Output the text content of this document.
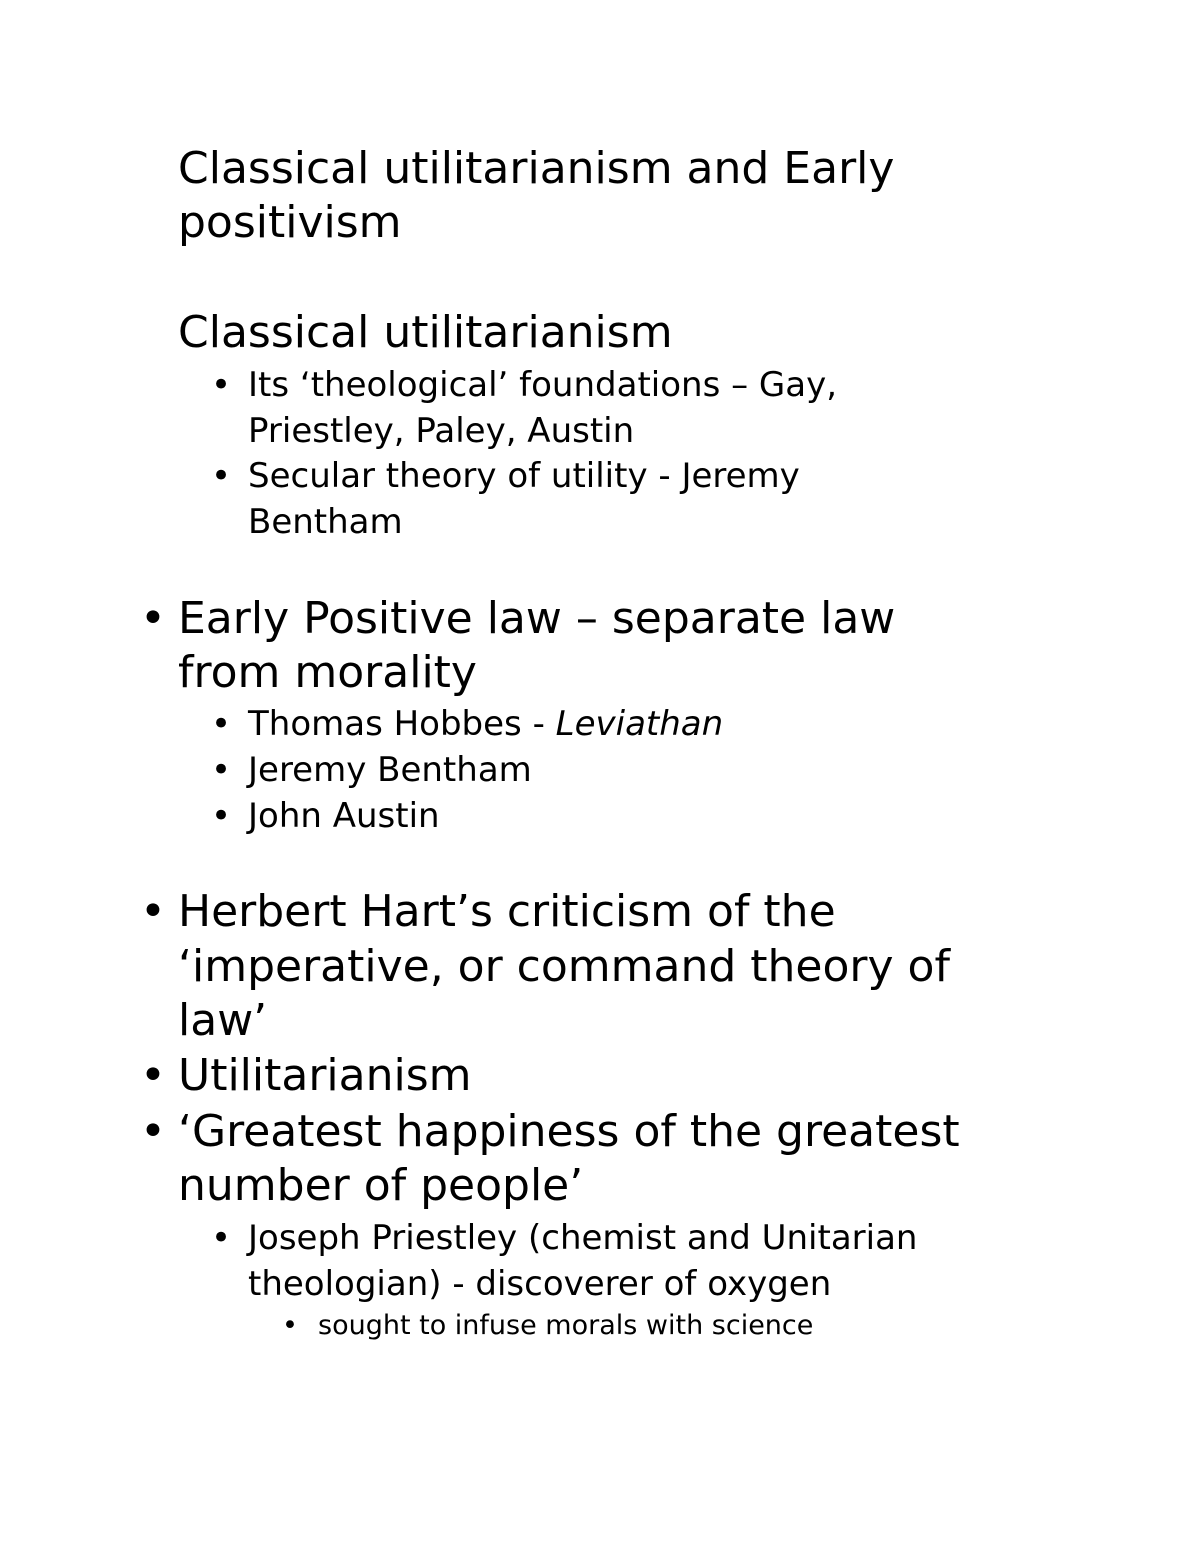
Classical utilitarianism and Early
positivism
Classical utilitarianism
• Its ‘theological’ foundations – Gay,
Priestley, Paley, Austin
• Secular theory of utility - Jeremy
Bentham
• Early Positive law – separate law
from morality
• Thomas Hobbes - Leviathan
• Jeremy Bentham
• John Austin
• Herbert Hart’s criticism of the
‘imperative, or command theory of
law’
• Utilitarianism
• ‘Greatest happiness of the greatest
number of people’
• Joseph Priestley (chemist and Unitarian
theologian) - discoverer of oxygen
• sought to infuse morals with science
